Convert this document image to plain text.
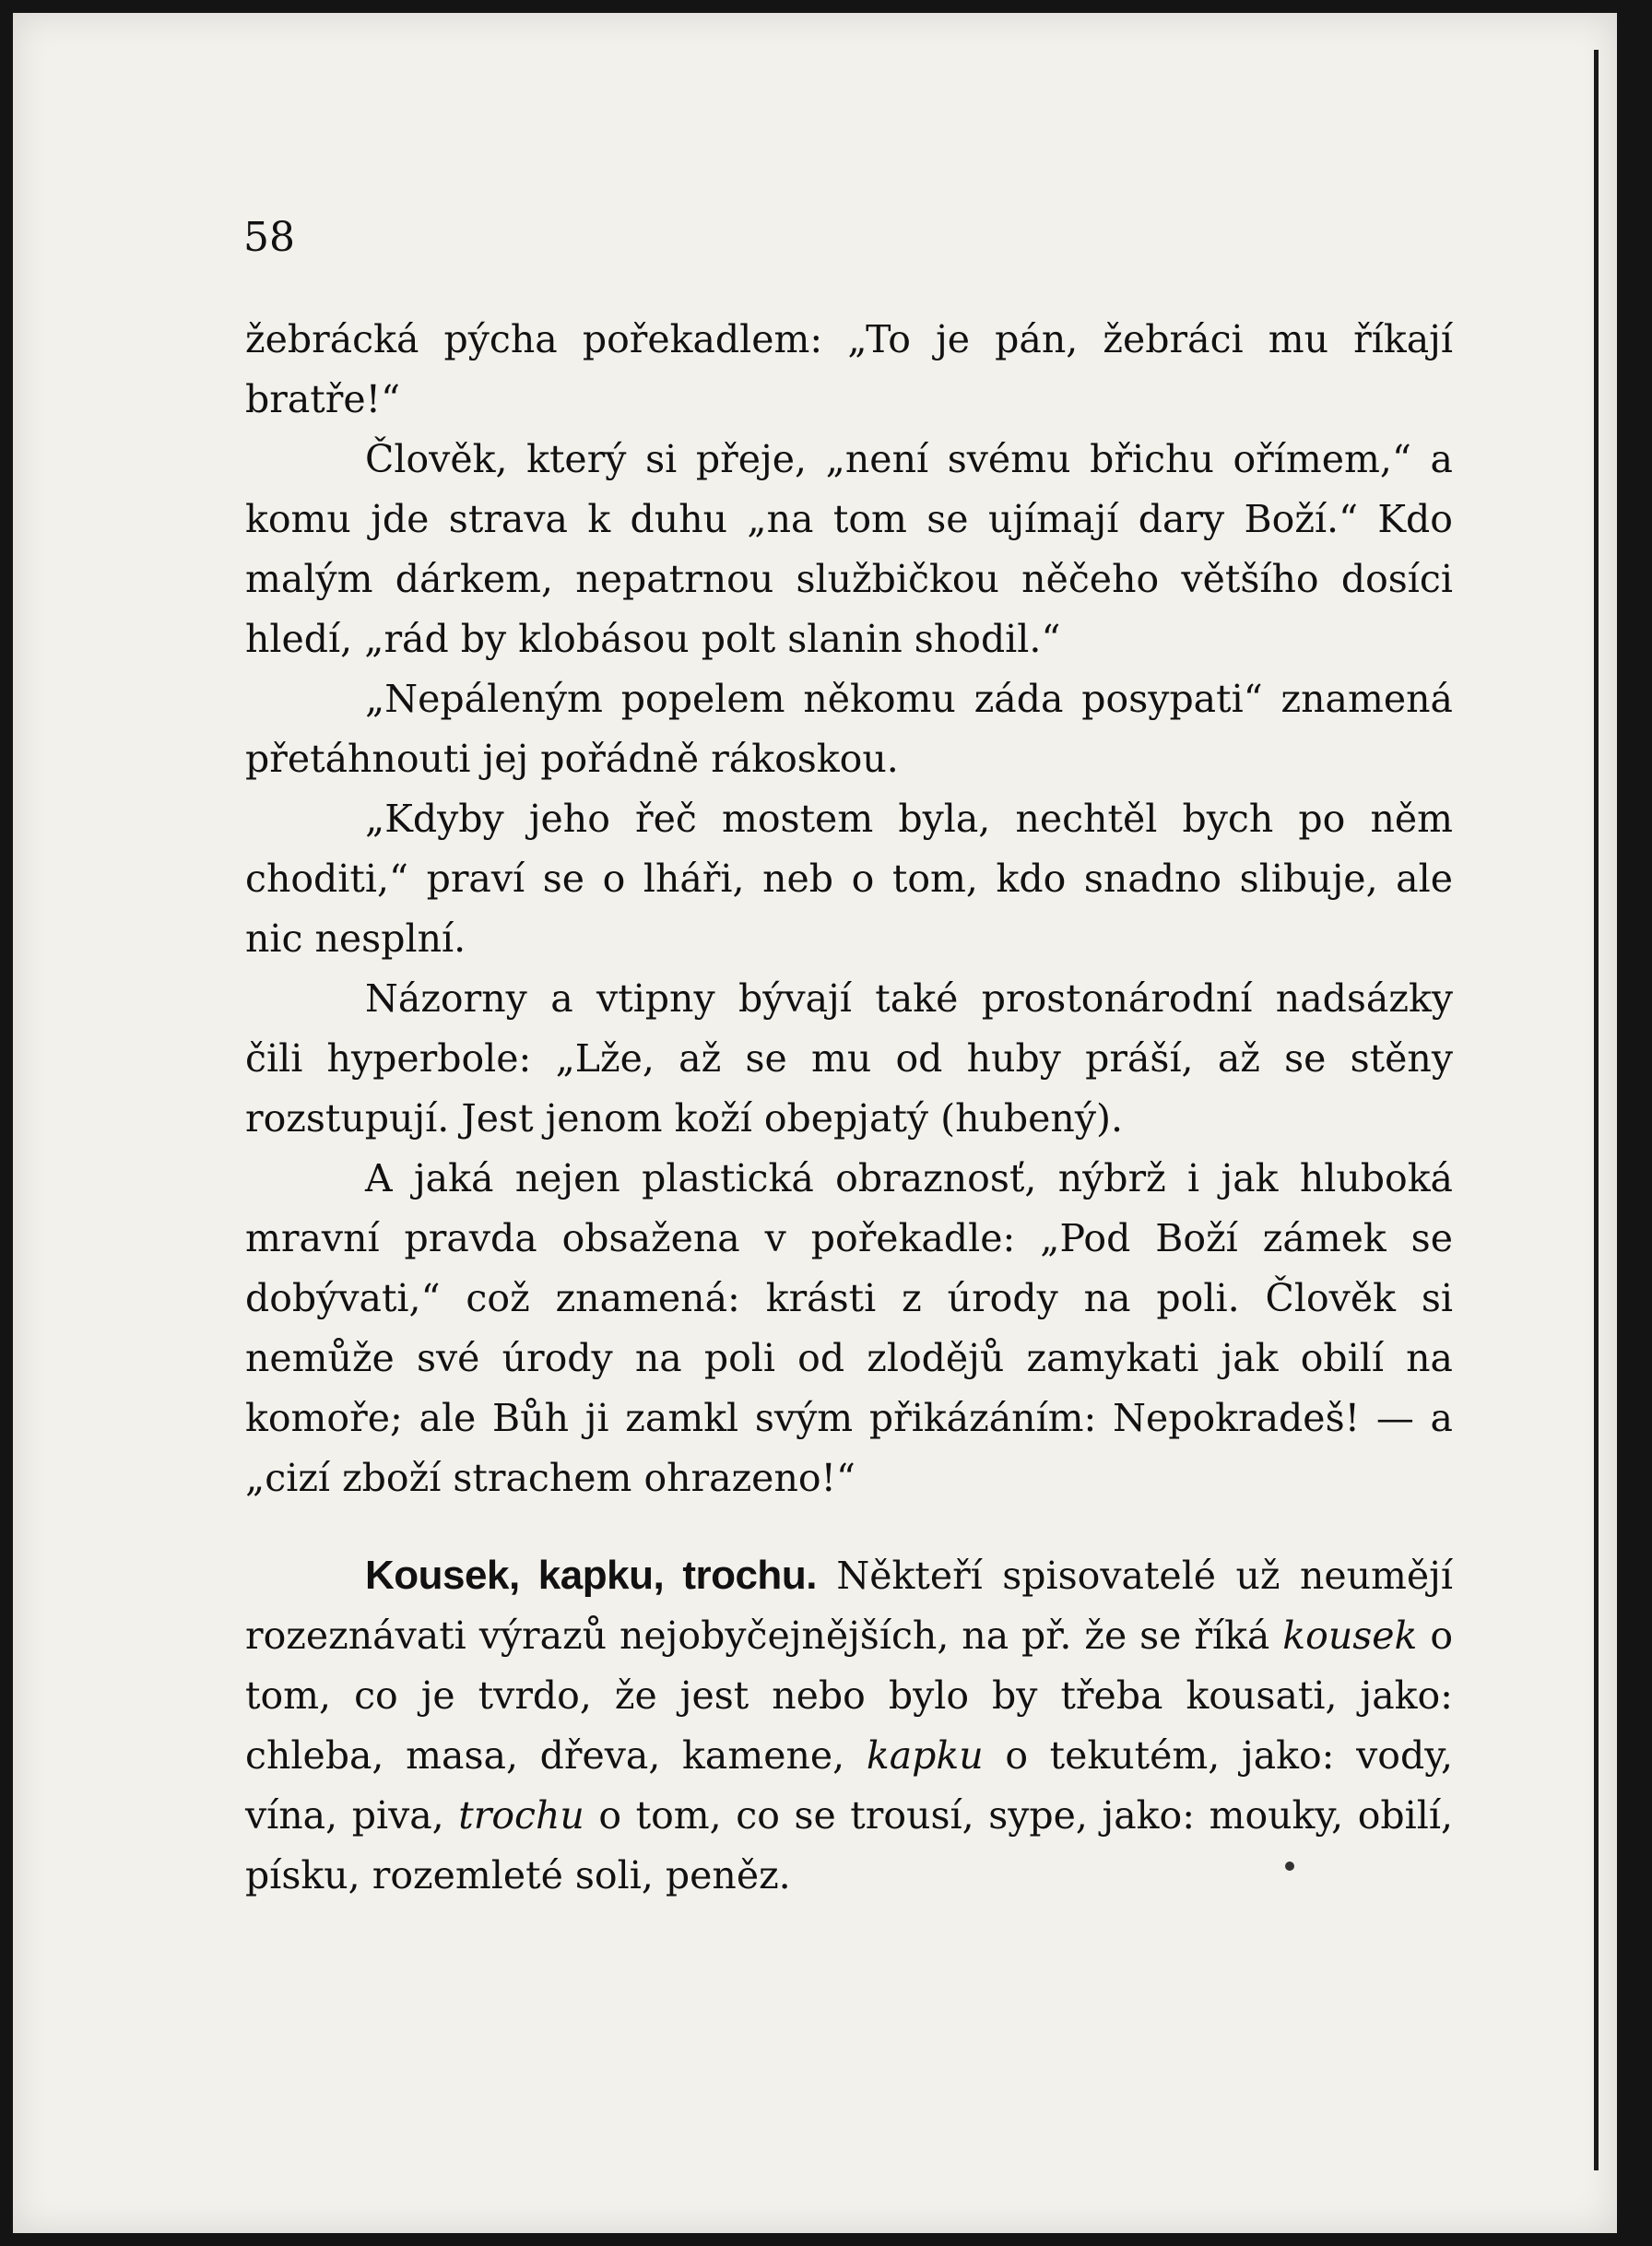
58

žebrácká pýcha pořekadlem: „To je pán, žebráci mu říkají bratře!“

Člověk, který si přeje, „není svému břichu ořímem,“ a komu jde strava k duhu „na tom se ujímají dary Boží.“ Kdo malým dárkem, nepatrnou službičkou něčeho většího dosíci hledí, „rád by klobásou polt slanin shodil.“

„Nepáleným popelem někomu záda posypati“ znamená přetáhnouti jej pořádně rákoskou.

„Kdyby jeho řeč mostem byla, nechtěl bych po něm choditi,“ praví se o lháři, neb o tom, kdo snadno slibuje, ale nic nesplní.

Názorny a vtipny bývají také prostonárodní nadsázky čili hyperbole: „Lže, až se mu od huby práší, až se stěny rozstupují. Jest jenom koží obepjatý (hubený).

A jaká nejen plastická obraznosť, nýbrž i jak hluboká mravní pravda obsažena v pořekadle: „Pod Boží zámek se dobývati,“ což znamená: krásti z úrody na poli. Člověk si nemůže své úrody na poli od zlodějů zamykati jak obilí na komoře; ale Bůh ji zamkl svým přikázáním: Nepokradeš! — a „cizí zboží strachem ohrazeno!“

Kousek, kapku, trochu. Někteří spisovatelé už neumějí rozeznávati výrazů nejobyčejnějších, na př. že se říká kousek o tom, co je tvrdo, že jest nebo bylo by třeba kousati, jako: chleba, masa, dřeva, kamene, kapku o tekutém, jako: vody, vína, piva, trochu o tom, co se trousí, sype, jako: mouky, obilí, písku, rozemleté soli, peněz.
